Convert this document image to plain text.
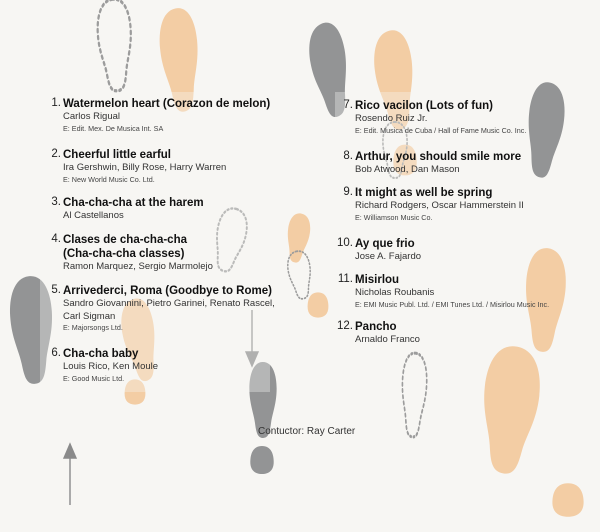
1. Watermelon heart (Corazon de melon)
Carlos Rigual
E: Edit. Mex. De Musica Int. SA
2. Cheerful little earful
Ira Gershwin, Billy Rose, Harry Warren
E: New World Music Co. Ltd.
3. Cha-cha-cha at the harem
Al Castellanos
4. Clases de cha-cha-cha
(Cha-cha-cha classes)
Ramon Marquez, Sergio Marmolejo
5. Arrivederci, Roma (Goodbye to Rome)
Sandro Giovannini, Pietro Garinei, Renato Rascel,
Carl Sigman
E: Majorsongs Ltd.
6. Cha-cha baby
Louis Rico, Ken Moule
E: Good Music Ltd.
7. Rico vacilon (Lots of fun)
Rosendo Ruiz Jr.
E: Edit. Musica de Cuba / Hall of Fame Music Co. Inc.
8. Arthur, you should smile more
Bob Atwood, Dan Mason
9. It might as well be spring
Richard Rodgers, Oscar Hammerstein II
E: Williamson Music Co.
10. Ay que frio
Jose A. Fajardo
11. Misirlou
Nicholas Roubanis
E: EMI Music Publ. Ltd. / EMI Tunes Ltd. / Misirlou Music Inc.
12. Pancho
Arnaldo Franco
Contuctor: Ray Carter
